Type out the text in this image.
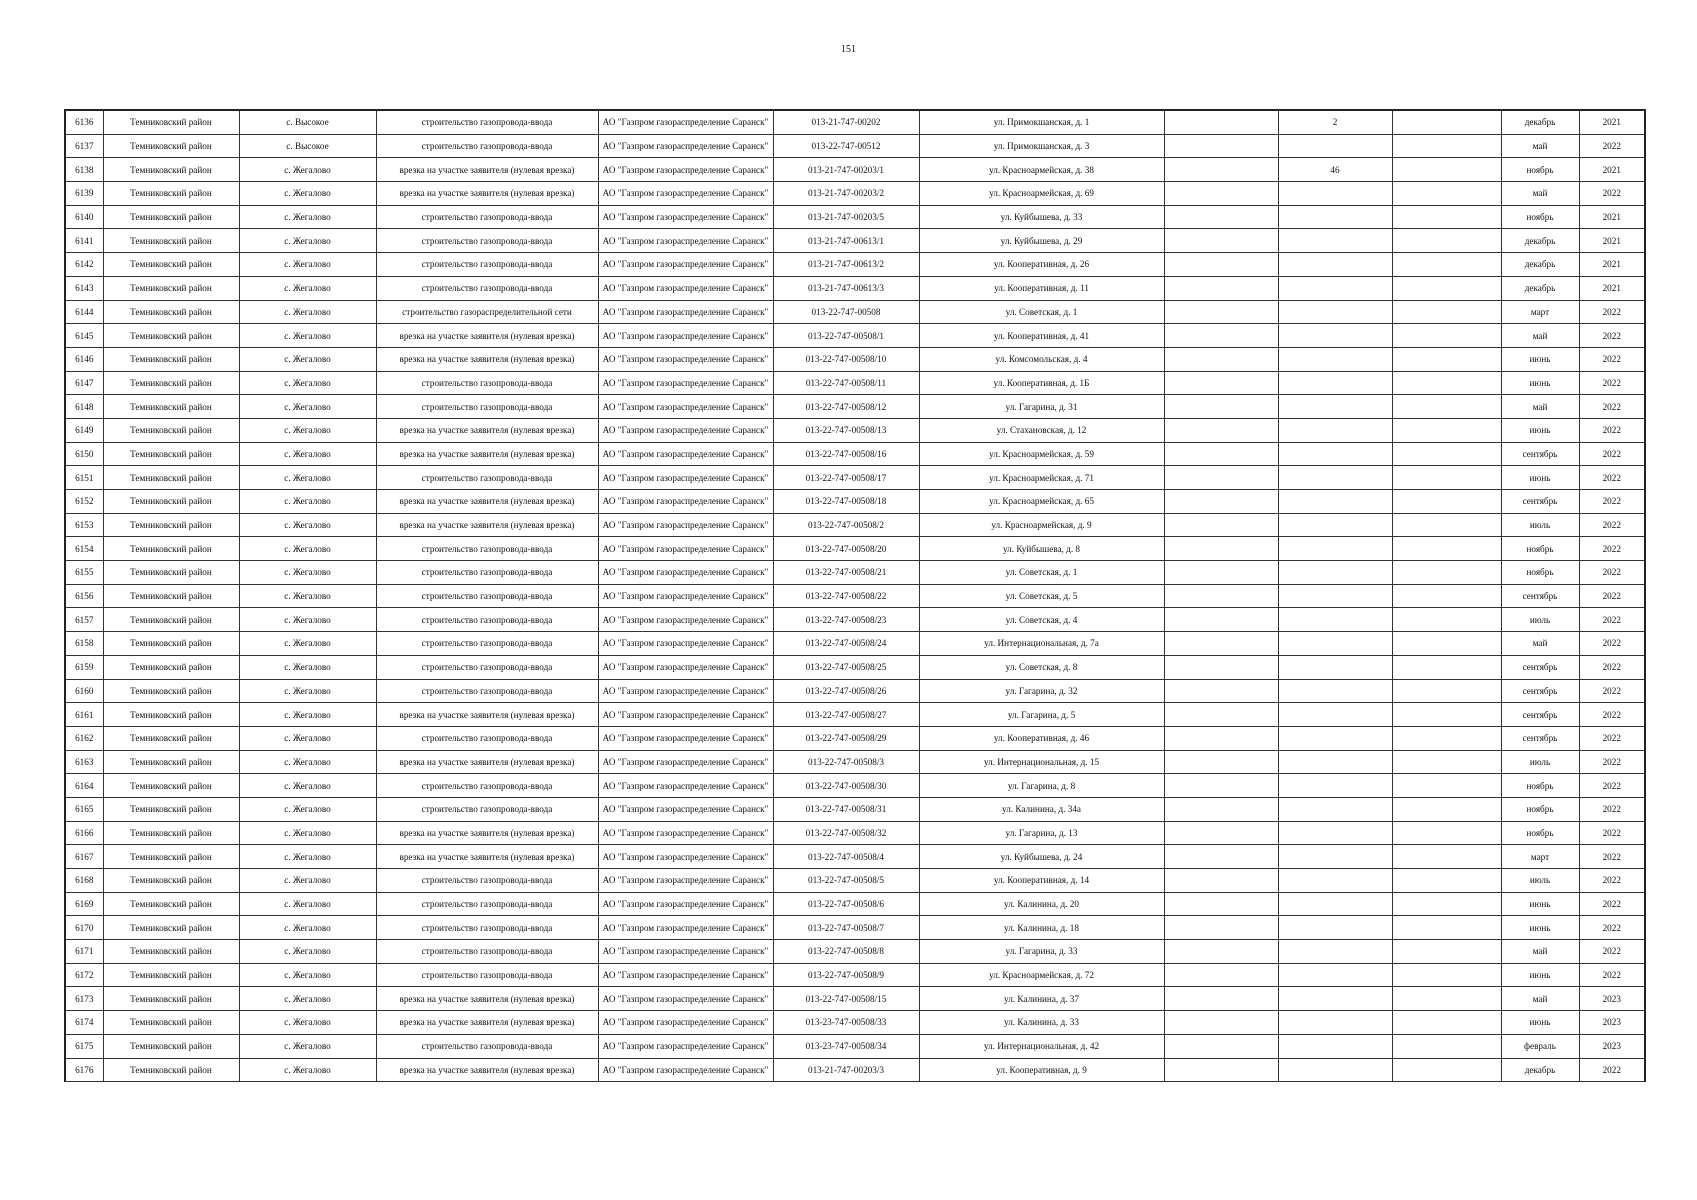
151
6136	Темниковский район	с. Высокое	строительство газопровода-ввода	АО "Газпром газораспределение Саранск"	013-21-747-00202	ул. Примокшанская, д. 1		2		декабрь	2021
6137	Темниковский район	с. Высокое	строительство газопровода-ввода	АО "Газпром газораспределение Саранск"	013-22-747-00512	ул. Примокшанская, д. 3				май	2022
6138	Темниковский район	с. Жегалово	врезка на участке заявителя (нулевая врезка)	АО "Газпром газораспределение Саранск"	013-21-747-00203/1	ул. Красноармейская, д. 38		46		ноябрь	2021
6139	Темниковский район	с. Жегалово	врезка на участке заявителя (нулевая врезка)	АО "Газпром газораспределение Саранск"	013-21-747-00203/2	ул. Красноармейская, д. 69				май	2022
6140	Темниковский район	с. Жегалово	строительство газопровода-ввода	АО "Газпром газораспределение Саранск"	013-21-747-00203/5	ул. Куйбышева, д. 33				ноябрь	2021
6141	Темниковский район	с. Жегалово	строительство газопровода-ввода	АО "Газпром газораспределение Саранск"	013-21-747-00613/1	ул. Куйбышева, д. 29				декабрь	2021
6142	Темниковский район	с. Жегалово	строительство газопровода-ввода	АО "Газпром газораспределение Саранск"	013-21-747-00613/2	ул. Кооперативная, д. 26				декабрь	2021
6143	Темниковский район	с. Жегалово	строительство газопровода-ввода	АО "Газпром газораспределение Саранск"	013-21-747-00613/3	ул. Кооперативная, д. 11				декабрь	2021
6144	Темниковский район	с. Жегалово	строительство газораспределительной сети	АО "Газпром газораспределение Саранск"	013-22-747-00508	ул. Советская, д. 1				март	2022
6145	Темниковский район	с. Жегалово	врезка на участке заявителя (нулевая врезка)	АО "Газпром газораспределение Саранск"	013-22-747-00508/1	ул. Кооперативная, д. 41				май	2022
6146	Темниковский район	с. Жегалово	врезка на участке заявителя (нулевая врезка)	АО "Газпром газораспределение Саранск"	013-22-747-00508/10	ул. Комсомольская, д. 4				июнь	2022
6147	Темниковский район	с. Жегалово	строительство газопровода-ввода	АО "Газпром газораспределение Саранск"	013-22-747-00508/11	ул. Кооперативная, д. 1Б				июнь	2022
6148	Темниковский район	с. Жегалово	строительство газопровода-ввода	АО "Газпром газораспределение Саранск"	013-22-747-00508/12	ул. Гагарина, д. 31				май	2022
6149	Темниковский район	с. Жегалово	врезка на участке заявителя (нулевая врезка)	АО "Газпром газораспределение Саранск"	013-22-747-00508/13	ул. Стахановская, д. 12				июнь	2022
6150	Темниковский район	с. Жегалово	врезка на участке заявителя (нулевая врезка)	АО "Газпром газораспределение Саранск"	013-22-747-00508/16	ул. Красноармейская, д. 59				сентябрь	2022
6151	Темниковский район	с. Жегалово	строительство газопровода-ввода	АО "Газпром газораспределение Саранск"	013-22-747-00508/17	ул. Красноармейская, д. 71				июнь	2022
6152	Темниковский район	с. Жегалово	врезка на участке заявителя (нулевая врезка)	АО "Газпром газораспределение Саранск"	013-22-747-00508/18	ул. Красноармейская, д. 65				сентябрь	2022
6153	Темниковский район	с. Жегалово	врезка на участке заявителя (нулевая врезка)	АО "Газпром газораспределение Саранск"	013-22-747-00508/2	ул. Красноармейская, д. 9				июль	2022
6154	Темниковский район	с. Жегалово	строительство газопровода-ввода	АО "Газпром газораспределение Саранск"	013-22-747-00508/20	ул. Куйбышева, д. 8				ноябрь	2022
6155	Темниковский район	с. Жегалово	строительство газопровода-ввода	АО "Газпром газораспределение Саранск"	013-22-747-00508/21	ул. Советская, д. 1				ноябрь	2022
6156	Темниковский район	с. Жегалово	строительство газопровода-ввода	АО "Газпром газораспределение Саранск"	013-22-747-00508/22	ул. Советская, д. 5				сентябрь	2022
6157	Темниковский район	с. Жегалово	строительство газопровода-ввода	АО "Газпром газораспределение Саранск"	013-22-747-00508/23	ул. Советская, д. 4				июль	2022
6158	Темниковский район	с. Жегалово	строительство газопровода-ввода	АО "Газпром газораспределение Саранск"	013-22-747-00508/24	ул. Интернациональная, д. 7а				май	2022
6159	Темниковский район	с. Жегалово	строительство газопровода-ввода	АО "Газпром газораспределение Саранск"	013-22-747-00508/25	ул. Советская, д. 8				сентябрь	2022
6160	Темниковский район	с. Жегалово	строительство газопровода-ввода	АО "Газпром газораспределение Саранск"	013-22-747-00508/26	ул. Гагарина, д. 32				сентябрь	2022
6161	Темниковский район	с. Жегалово	врезка на участке заявителя (нулевая врезка)	АО "Газпром газораспределение Саранск"	013-22-747-00508/27	ул. Гагарина, д. 5				сентябрь	2022
6162	Темниковский район	с. Жегалово	строительство газопровода-ввода	АО "Газпром газораспределение Саранск"	013-22-747-00508/29	ул. Кооперативная, д. 46				сентябрь	2022
6163	Темниковский район	с. Жегалово	врезка на участке заявителя (нулевая врезка)	АО "Газпром газораспределение Саранск"	013-22-747-00508/3	ул. Интернациональная, д. 15				июль	2022
6164	Темниковский район	с. Жегалово	строительство газопровода-ввода	АО "Газпром газораспределение Саранск"	013-22-747-00508/30	ул. Гагарина, д. 8				ноябрь	2022
6165	Темниковский район	с. Жегалово	строительство газопровода-ввода	АО "Газпром газораспределение Саранск"	013-22-747-00508/31	ул. Калинина, д. 34а				ноябрь	2022
6166	Темниковский район	с. Жегалово	врезка на участке заявителя (нулевая врезка)	АО "Газпром газораспределение Саранск"	013-22-747-00508/32	ул. Гагарина, д. 13				ноябрь	2022
6167	Темниковский район	с. Жегалово	врезка на участке заявителя (нулевая врезка)	АО "Газпром газораспределение Саранск"	013-22-747-00508/4	ул. Куйбышева, д. 24				март	2022
6168	Темниковский район	с. Жегалово	строительство газопровода-ввода	АО "Газпром газораспределение Саранск"	013-22-747-00508/5	ул. Кооперативная, д. 14				июль	2022
6169	Темниковский район	с. Жегалово	строительство газопровода-ввода	АО "Газпром газораспределение Саранск"	013-22-747-00508/6	ул. Калинина, д. 20				июнь	2022
6170	Темниковский район	с. Жегалово	строительство газопровода-ввода	АО "Газпром газораспределение Саранск"	013-22-747-00508/7	ул. Калинина, д. 18				июнь	2022
6171	Темниковский район	с. Жегалово	строительство газопровода-ввода	АО "Газпром газораспределение Саранск"	013-22-747-00508/8	ул. Гагарина, д. 33				май	2022
6172	Темниковский район	с. Жегалово	строительство газопровода-ввода	АО "Газпром газораспределение Саранск"	013-22-747-00508/9	ул. Красноармейская, д. 72				июнь	2022
6173	Темниковский район	с. Жегалово	врезка на участке заявителя (нулевая врезка)	АО "Газпром газораспределение Саранск"	013-22-747-00508/15	ул. Калинина, д. 37				май	2023
6174	Темниковский район	с. Жегалово	врезка на участке заявителя (нулевая врезка)	АО "Газпром газораспределение Саранск"	013-23-747-00508/33	ул. Калинина, д. 33				июнь	2023
6175	Темниковский район	с. Жегалово	строительство газопровода-ввода	АО "Газпром газораспределение Саранск"	013-23-747-00508/34	ул. Интернациональная, д. 42				февраль	2023
6176	Темниковский район	с. Жегалово	врезка на участке заявителя (нулевая врезка)	АО "Газпром газораспределение Саранск"	013-21-747-00203/3	ул. Кооперативная, д. 9				декабрь	2022
